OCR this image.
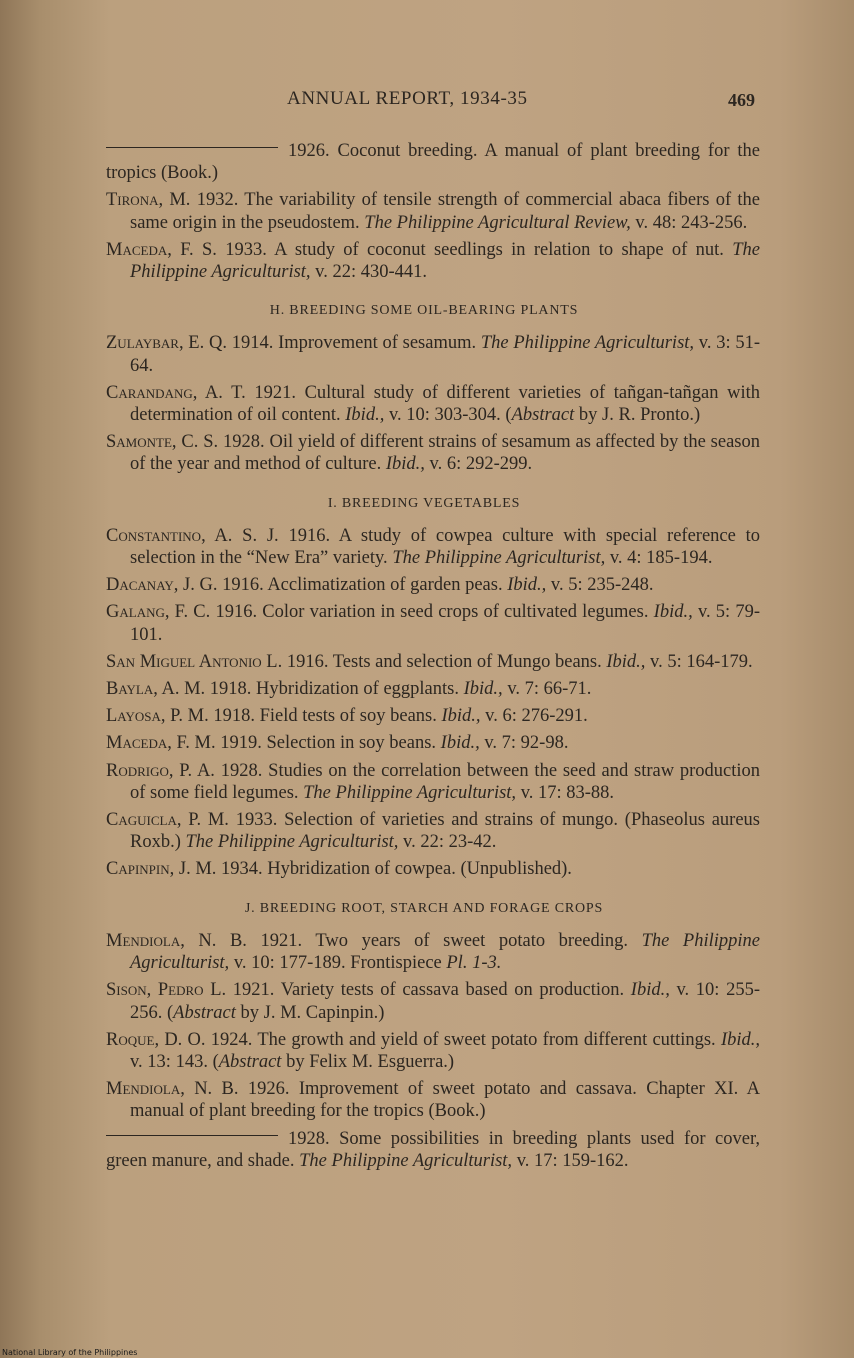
ANNUAL REPORT, 1934-35	469

1926. Coconut breeding. A manual of plant breeding for the tropics (Book.)

Tirona, M. 1932. The variability of tensile strength of commercial abaca fibers of the same origin in the pseudostem. The Philippine Agricultural Review, v. 48: 243-256.

Maceda, F. S. 1933. A study of coconut seedlings in relation to shape of nut. The Philippine Agriculturist, v. 22: 430-441.

H. BREEDING SOME OIL-BEARING PLANTS

Zulaybar, E. Q. 1914. Improvement of sesamum. The Philippine Agriculturist, v. 3: 51-64.

Carandang, A. T. 1921. Cultural study of different varieties of tañgan-tañgan with determination of oil content. Ibid., v. 10: 303-304. (Abstract by J. R. Pronto.)

Samonte, C. S. 1928. Oil yield of different strains of sesamum as affected by the season of the year and method of culture. Ibid., v. 6: 292-299.

I. BREEDING VEGETABLES

Constantino, A. S. J. 1916. A study of cowpea culture with special reference to selection in the “New Era” variety. The Philippine Agriculturist, v. 4: 185-194.

Dacanay, J. G. 1916. Acclimatization of garden peas. Ibid., v. 5: 235-248.

Galang, F. C. 1916. Color variation in seed crops of cultivated legumes. Ibid., v. 5: 79-101.

San Miguel Antonio L. 1916. Tests and selection of Mungo beans. Ibid., v. 5: 164-179.

Bayla, A. M. 1918. Hybridization of eggplants. Ibid., v. 7: 66-71.

Layosa, P. M. 1918. Field tests of soy beans. Ibid., v. 6: 276-291.

Maceda, F. M. 1919. Selection in soy beans. Ibid., v. 7: 92-98.

Rodrigo, P. A. 1928. Studies on the correlation between the seed and straw production of some field legumes. The Philippine Agriculturist, v. 17: 83-88.

Caguicla, P. M. 1933. Selection of varieties and strains of mungo. (Phaseolus aureus Roxb.) The Philippine Agriculturist, v. 22: 23-42.

Capinpin, J. M. 1934. Hybridization of cowpea. (Unpublished).

J. BREEDING ROOT, STARCH AND FORAGE CROPS

Mendiola, N. B. 1921. Two years of sweet potato breeding. The Philippine Agriculturist, v. 10: 177-189. Frontispiece Pl. 1-3.

Sison, Pedro L. 1921. Variety tests of cassava based on production. Ibid., v. 10: 255-256. (Abstract by J. M. Capinpin.)

Roque, D. O. 1924. The growth and yield of sweet potato from different cuttings. Ibid., v. 13: 143. (Abstract by Felix M. Esguerra.)

Mendiola, N. B. 1926. Improvement of sweet potato and cassava. Chapter XI. A manual of plant breeding for the tropics (Book.)

1928. Some possibilities in breeding plants used for cover, green manure, and shade. The Philippine Agriculturist, v. 17: 159-162.

National Library of the Philippines
